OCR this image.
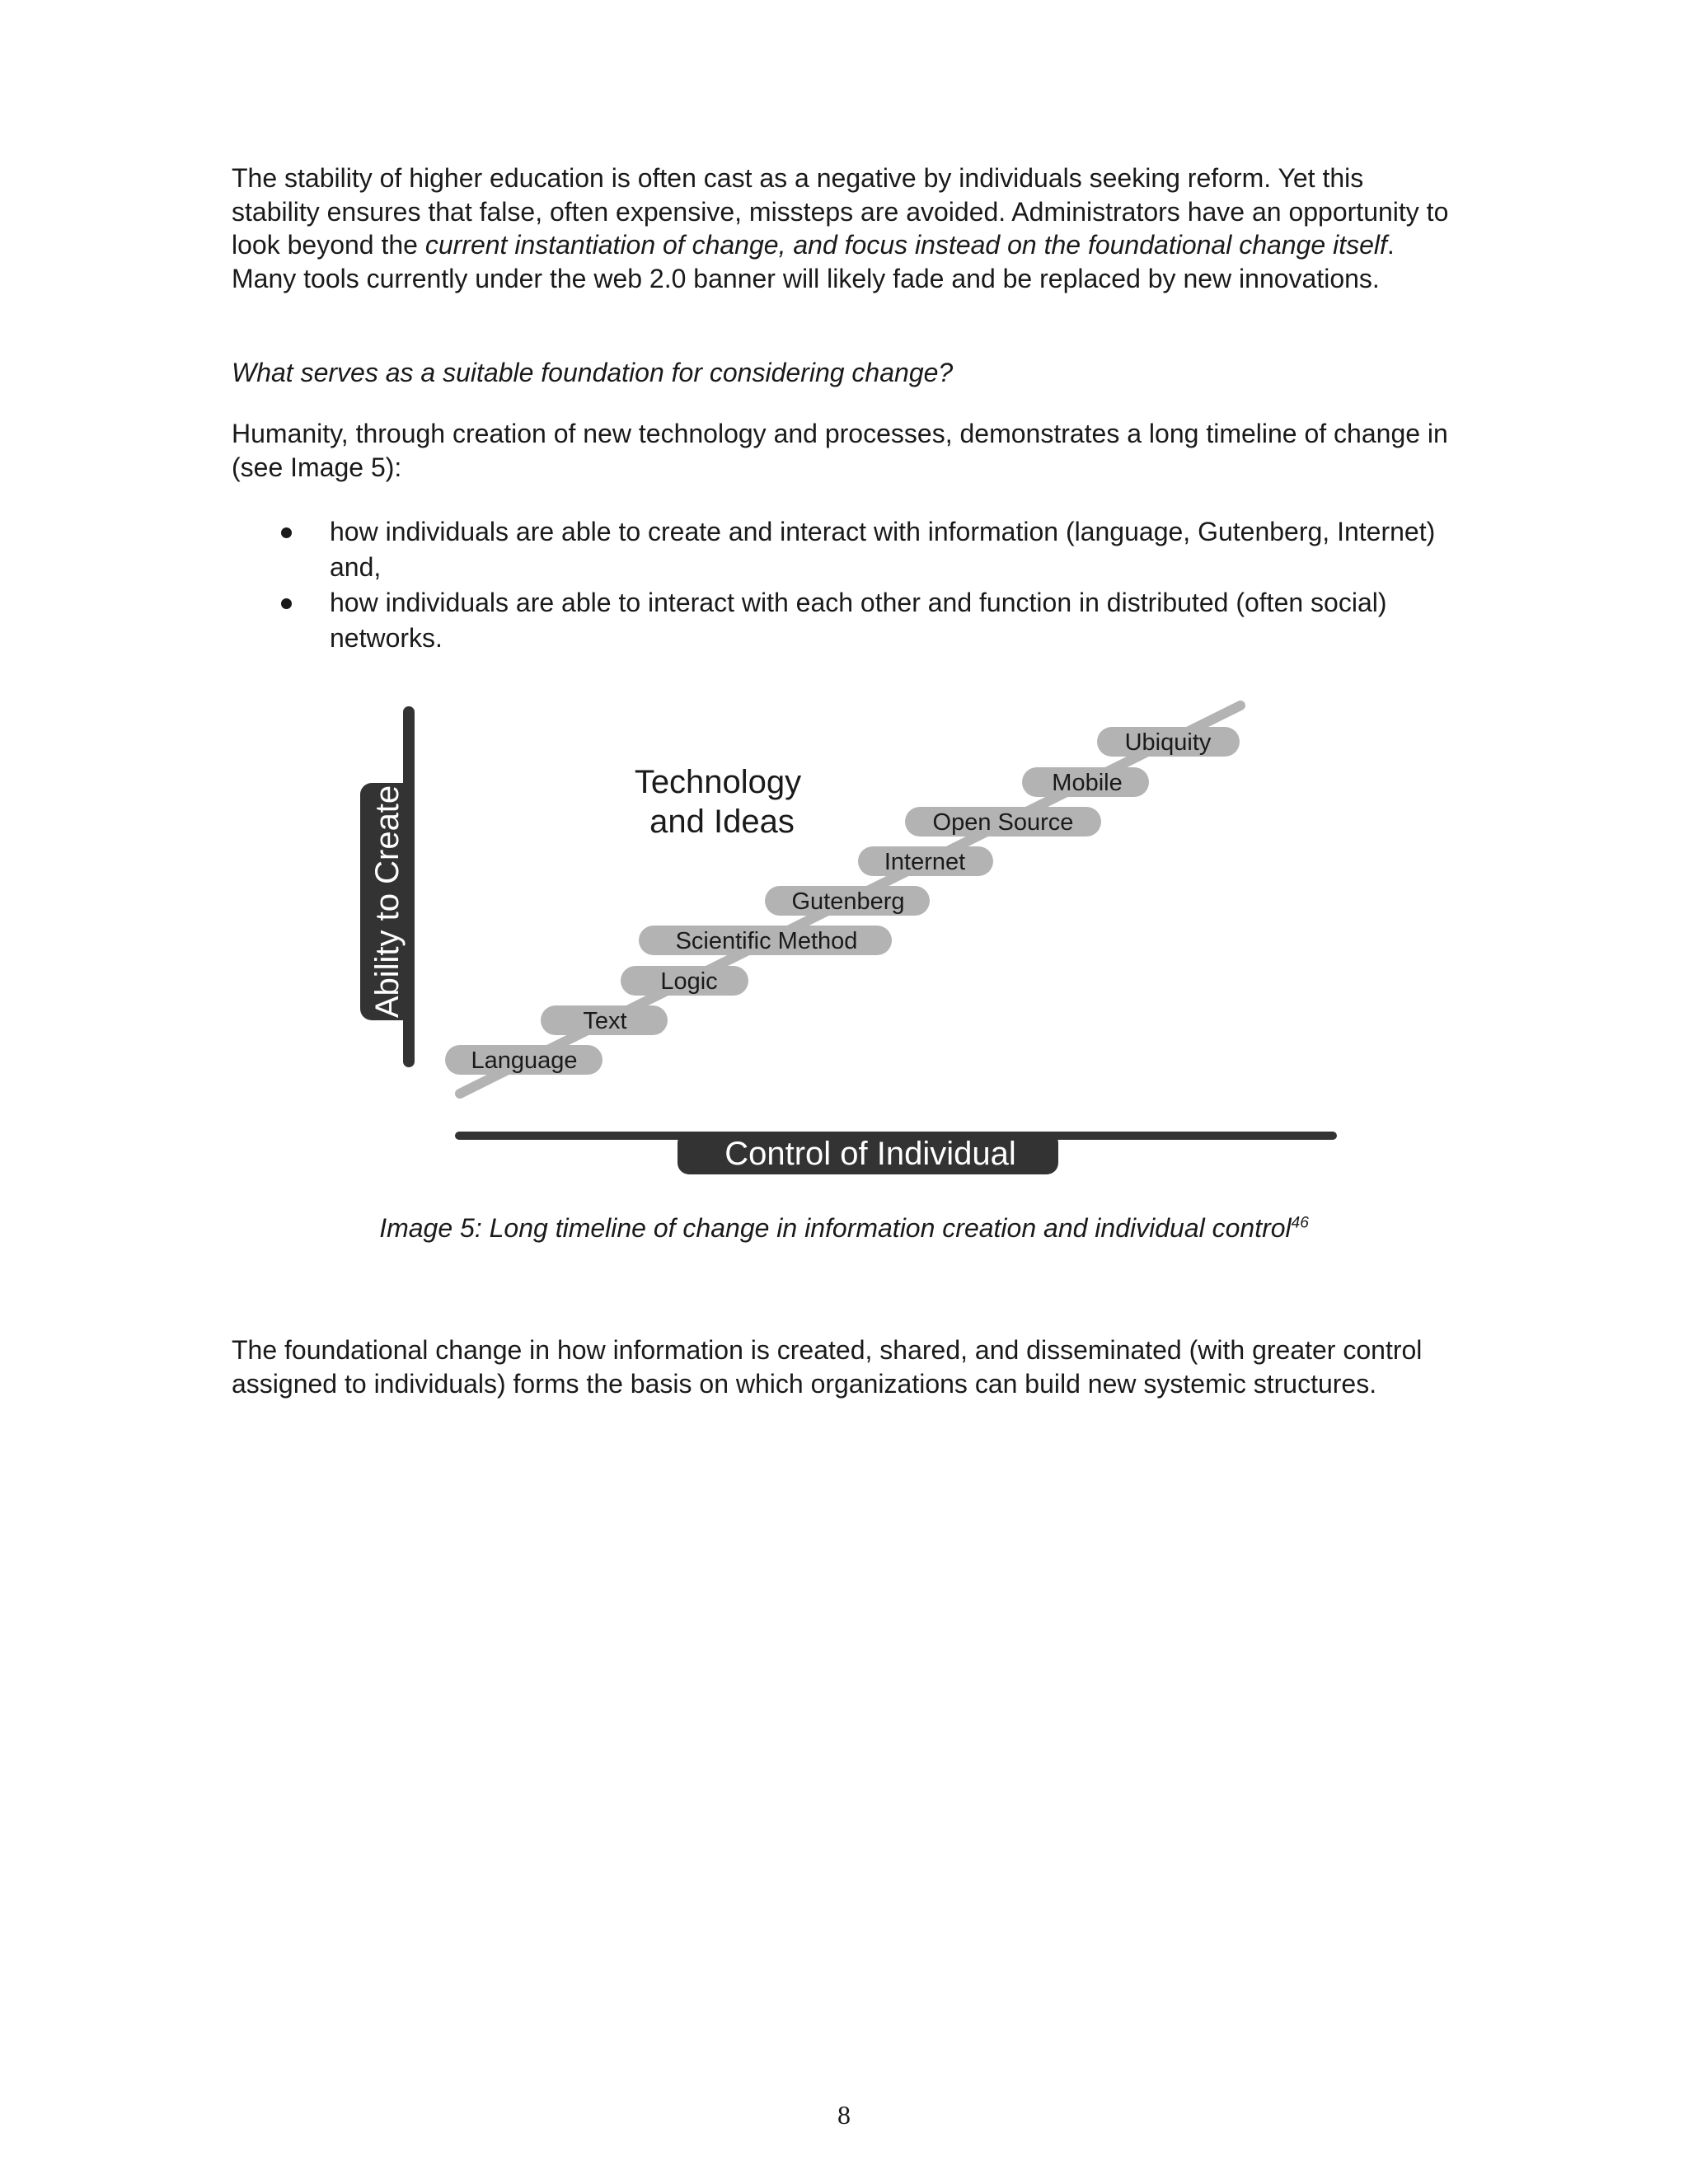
The stability of higher education is often cast as a negative by individuals seeking reform. Yet this stability ensures that false, often expensive, missteps are avoided. Administrators have an opportunity to look beyond the current instantiation of change, and focus instead on the foundational change itself. Many tools currently under the web 2.0 banner will likely fade and be replaced by new innovations.

What serves as a suitable foundation for considering change?

Humanity, through creation of new technology and processes, demonstrates a long timeline of change in (see Image 5):

how individuals are able to create and interact with information (language, Gutenberg, Internet) and,
how individuals are able to interact with each other and function in distributed (often social) networks.
Language
Text
Logic
Scientific Method
Gutenberg
Internet
Open Source
Mobile
Ubiquity
Technology
and Ideas
Ability to Create
Control of Individual
Image 5: Long timeline of change in information creation and individual control$^{46}$

The foundational change in how information is created, shared, and disseminated (with greater control assigned to individuals) forms the basis on which organizations can build new systemic structures.

8
